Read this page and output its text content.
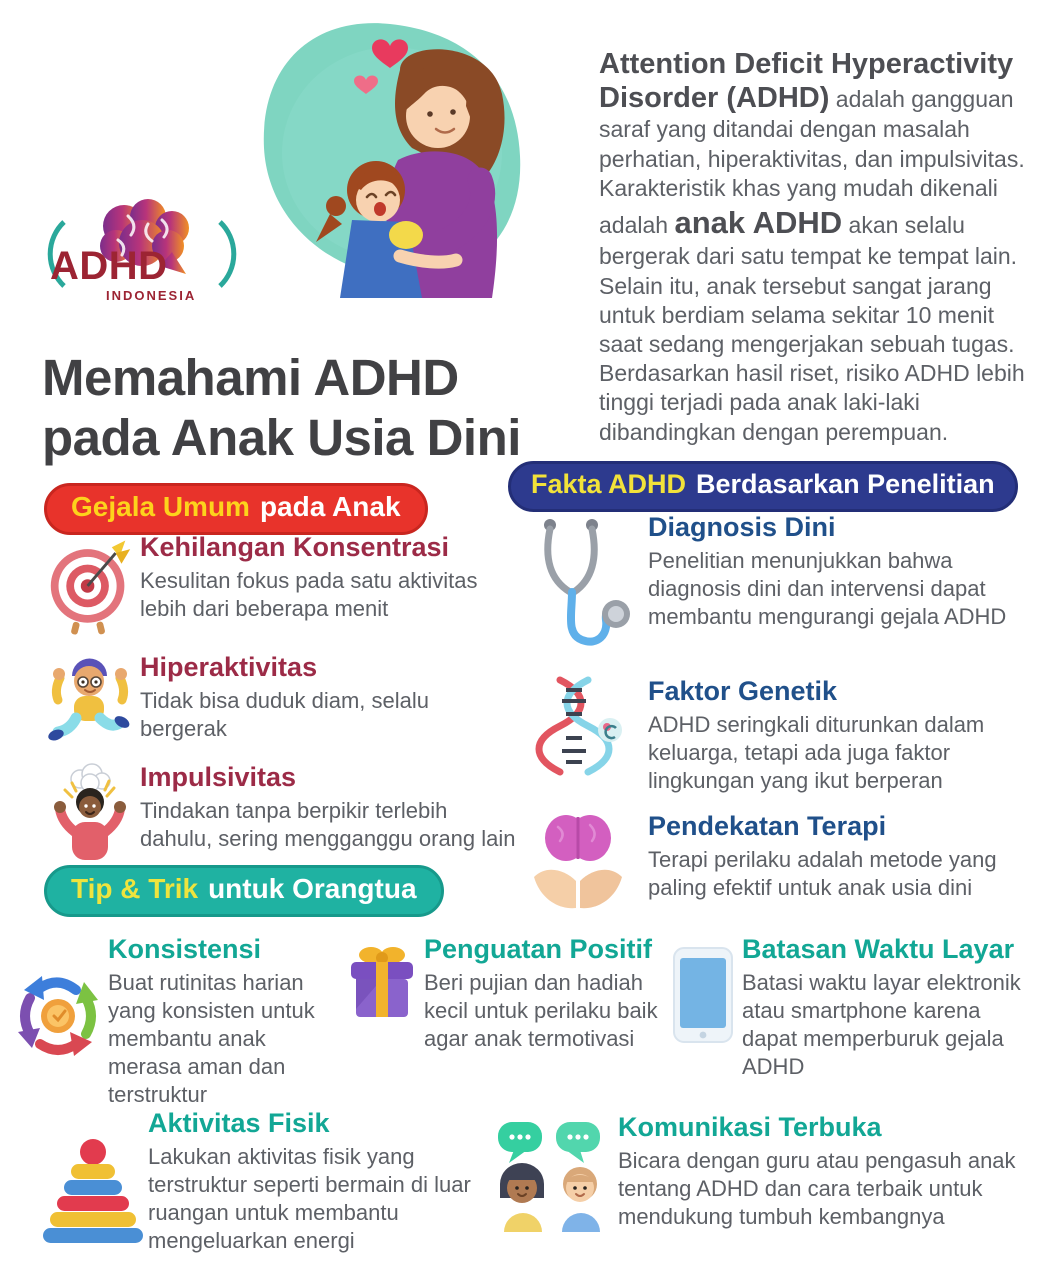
ADHD
INDONESIA

Attention Deficit Hyperactivity Disorder (ADHD) adalah gangguan saraf yang ditandai dengan masalah perhatian, hiperaktivitas, dan impulsivitas. Karakteristik khas yang mudah dikenali adalah anak ADHD akan selalu bergerak dari satu tempat ke tempat lain. Selain itu, anak tersebut sangat jarang untuk berdiam selama sekitar 10 menit saat sedang mengerjakan sebuah tugas. Berdasarkan hasil riset, risiko ADHD lebih tinggi terjadi pada anak laki-laki dibandingkan dengan perempuan.

Memahami ADHD
pada Anak Usia Dini
Gejala Umum pada Anak

Kehilangan Konsentrasi

Kesulitan fokus pada satu aktivitas lebih dari beberapa menit

Hiperaktivitas

Tidak bisa duduk diam, selalu bergerak

Impulsivitas

Tindakan tanpa berpikir terlebih dahulu, sering mengganggu orang lain

Fakta ADHD Berdasarkan Penelitian

Diagnosis Dini

Penelitian menunjukkan bahwa diagnosis dini dan intervensi dapat membantu mengurangi gejala ADHD

Faktor Genetik

ADHD seringkali diturunkan dalam keluarga, tetapi ada juga faktor lingkungan yang ikut berperan

Pendekatan Terapi

Terapi perilaku adalah metode yang paling efektif untuk anak usia dini

Tip & Trik untuk Orangtua

Konsistensi

Buat rutinitas harian yang konsisten untuk membantu anak merasa aman dan terstruktur

Penguatan Positif

Beri pujian dan hadiah kecil untuk perilaku baik agar anak termotivasi

Batasan Waktu Layar

Batasi waktu layar elektronik atau smartphone karena dapat memperburuk gejala ADHD

Aktivitas Fisik

Lakukan aktivitas fisik yang terstruktur seperti bermain di luar ruangan untuk membantu mengeluarkan energi

Komunikasi Terbuka

Bicara dengan guru atau pengasuh anak tentang ADHD dan cara terbaik untuk mendukung tumbuh kembangnya
